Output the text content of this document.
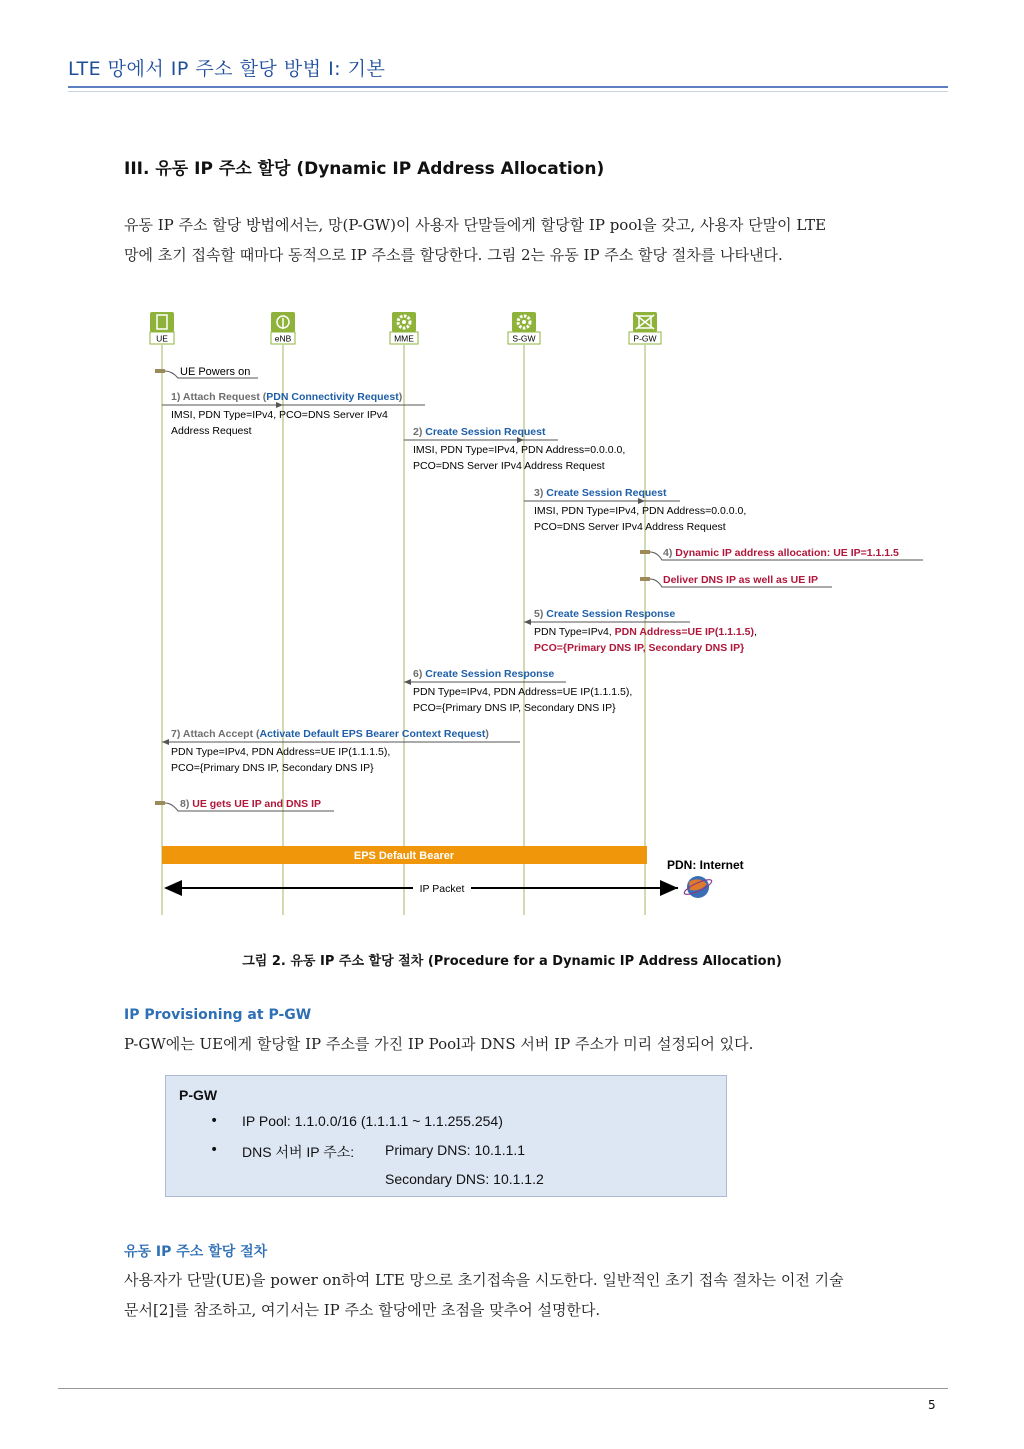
LTE 망에서 IP 주소 할당 방법 I: 기본
III. 유동 IP 주소 할당 (Dynamic IP Address Allocation)
유동 IP 주소 할당 방법에서는, 망(P-GW)이 사용자 단말들에게 할당할 IP pool을 갖고, 사용자 단말이 LTE
망에 초기 접속할 때마다 동적으로 IP 주소를 할당한다. 그림 2는 유동 IP 주소 할당 절차를 나타낸다.
UE	eNB	MME	S-GW	P-GW
UE Powers on
1) Attach Request (PDN Connectivity Request)
IMSI, PDN Type=IPv4, PCO=DNS Server IPv4
Address Request	2) Create Session Request
IMSI, PDN Type=IPv4, PDN Address=0.0.0.0,
PCO=DNS Server IPv4 Address Request
3) Create Session Request
IMSI, PDN Type=IPv4, PDN Address=0.0.0.0,
PCO=DNS Server IPv4 Address Request
4) Dynamic IP address allocation: UE IP=1.1.1.5
Deliver DNS IP as well as UE IP
5) Create Session Response
PDN Type=IPv4, PDN Address=UE IP(1.1.1.5),
PCO={Primary DNS IP, Secondary DNS IP}
6) Create Session Response
PDN Type=IPv4, PDN Address=UE IP(1.1.1.5),
PCO={Primary DNS IP, Secondary DNS IP}
7) Attach Accept (Activate Default EPS Bearer Context Request)
PDN Type=IPv4, PDN Address=UE IP(1.1.1.5),
PCO={Primary DNS IP, Secondary DNS IP}
8) UE gets UE IP and DNS IP
EPS Default Bearer
PDN: Internet
IP Packet
그림 2. 유동 IP 주소 할당 절차 (Procedure for a Dynamic IP Address Allocation)
IP Provisioning at P-GW
P-GW에는 UE에게 할당할 IP 주소를 가진 IP Pool과 DNS 서버 IP 주소가 미리 설정되어 있다.
P-GW
• IP Pool: 1.1.0.0/16 (1.1.1.1 ~ 1.1.255.254)
• DNS 서버 IP 주소: Primary DNS: 10.1.1.1
Secondary DNS: 10.1.1.2
유동 IP 주소 할당 절차
사용자가 단말(UE)을 power on하여 LTE 망으로 초기접속을 시도한다. 일반적인 초기 접속 절차는 이전 기술
문서[2]를 참조하고, 여기서는 IP 주소 할당에만 초점을 맞추어 설명한다.
5
